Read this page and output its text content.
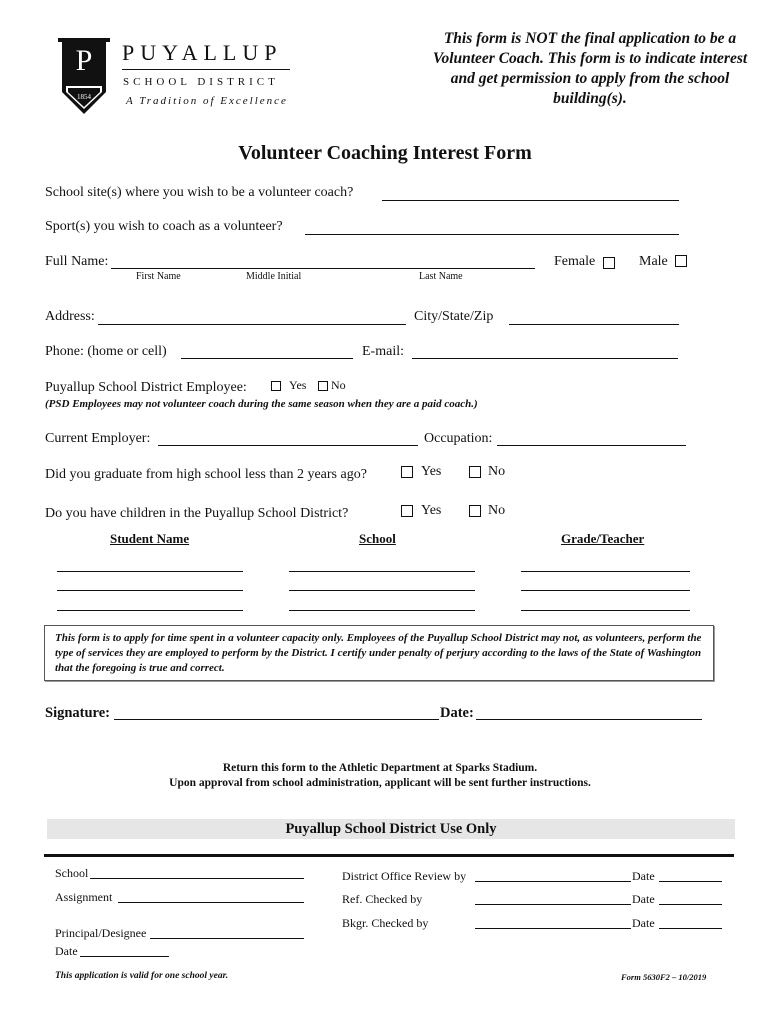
P
1854
PUYALLUP
SCHOOL DISTRICT
A Tradition of Excellence
This form is NOT the final application to be a Volunteer Coach. This form is to indicate interest and get permission to apply from the school building(s).
Volunteer Coaching Interest Form
School site(s) where you wish to be a volunteer coach?
Sport(s) you wish to coach as a volunteer?
Full Name:
First Name	Middle Initial	Last Name
Female	Male
Address:	City/State/Zip
Phone: (home or cell)	E-mail:
Puyallup School District Employee:	Yes No
(PSD Employees may not volunteer coach during the same season when they are a paid coach.)
Current Employer:	Occupation:
Did you graduate from high school less than 2 years ago?	Yes	No
Do you have children in the Puyallup School District?	Yes	No
Student Name	School	Grade/Teacher
This form is to apply for time spent in a volunteer capacity only. Employees of the Puyallup School District may not, as volunteers, perform the type of services they are employed to perform by the District. I certify under penalty of perjury according to the laws of the State of Washington that the foregoing is true and correct.
Signature:	Date:
Return this form to the Athletic Department at Sparks Stadium.
Upon approval from school administration, applicant will be sent further instructions.
Puyallup School District Use Only
School
Assignment
Principal/Designee
Date
District Office Review by	Date
Ref. Checked by	Date
Bkgr. Checked by	Date
This application is valid for one school year.	Form 5630F2 – 10/2019
